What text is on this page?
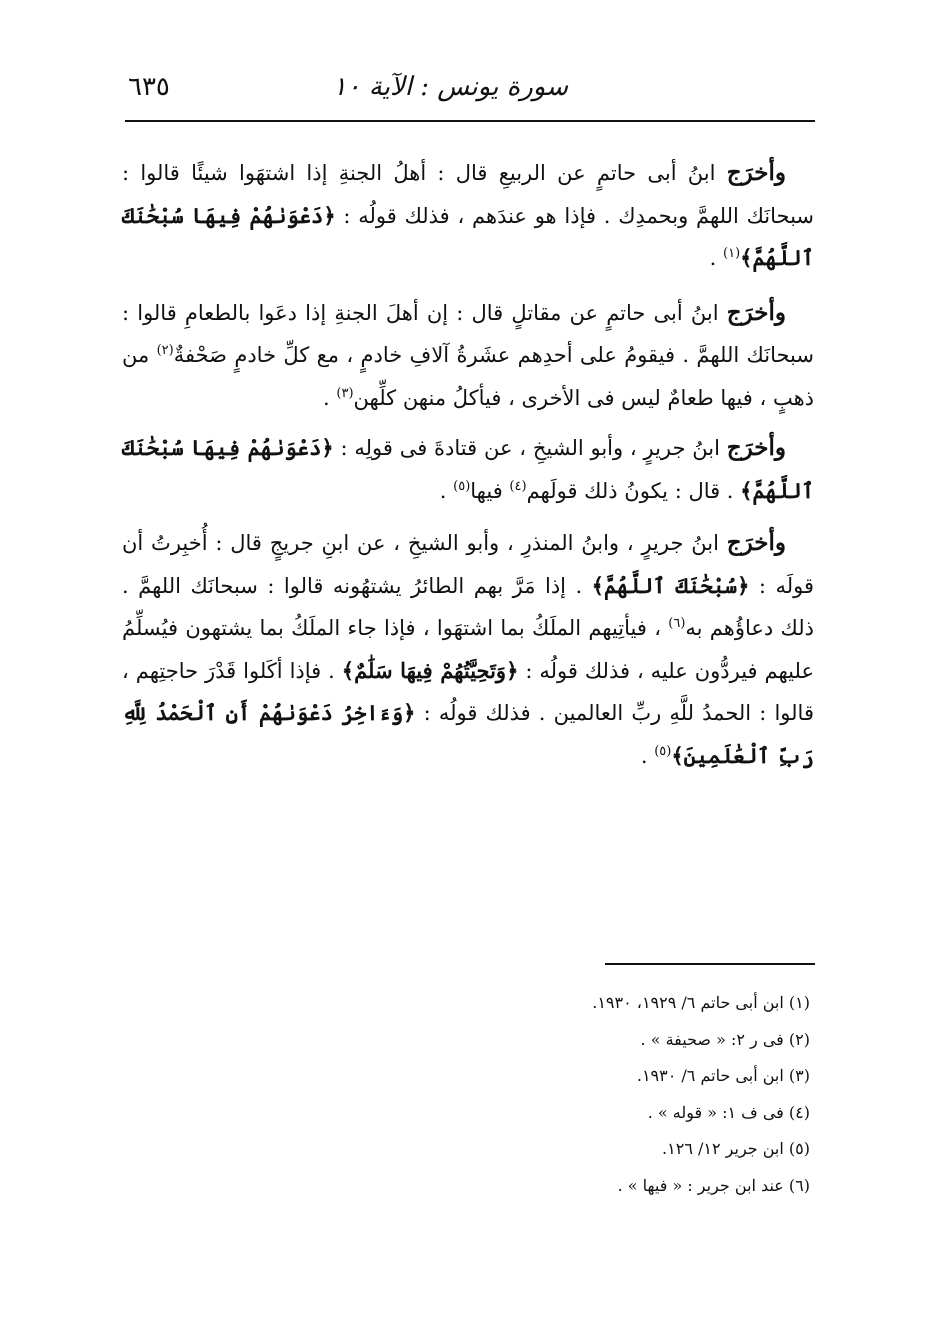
سورة يونس : الآية ١٠
٦٣٥

وأخرَج ابنُ أبى حاتمٍ عن الربيعِ قال : أهلُ الجنةِ إذا اشتهَوا شيئًا قالوا : سبحانَك اللهمَّ وبحمدِك . فإذا هو عندَهم ، فذلك قولُه : ﴿دَعْوَىٰهُمْ فِيهَا سُبْحَٰنَكَ ٱللَّهُمَّ﴾$^{(١)}$ .

وأخرَج ابنُ أبى حاتمٍ عن مقاتلٍ قال : إن أهلَ الجنةِ إذا دعَوا بالطعامِ قالوا : سبحانَك اللهمَّ . فيقومُ على أحدِهم عشَرةُ آلافِ خادمٍ ، مع كلِّ خادمٍ صَحْفةٌ$^{(٢)}$ من ذهبٍ ، فيها طعامٌ ليس فى الأخرى ، فيأكلُ منهن كلِّهن$^{(٣)}$ .

وأخرَج ابنُ جريرٍ ، وأبو الشيخِ ، عن قتادةَ فى قولِه : ﴿دَعْوَىٰهُمْ فِيهَا سُبْحَٰنَكَ ٱللَّهُمَّ﴾ . قال : يكونُ ذلك قولَهم$^{(٤)}$ فيها$^{(٥)}$ .

وأخرَج ابنُ جريرٍ ، وابنُ المنذرِ ، وأبو الشيخِ ، عن ابنِ جريجٍ قال : أُخبِرتُ أن قولَه : ﴿سُبْحَٰنَكَ ٱللَّهُمَّ﴾ . إذا مَرَّ بهم الطائرُ يشتهُونه قالوا : سبحانَك اللهمَّ . ذلك دعاؤُهم به$^{(٦)}$ ، فيأتِيهم الملَكُ بما اشتهَوا ، فإذا جاء الملَكُ بما يشتهون فيُسلِّمُ عليهم فيردُّون عليه ، فذلك قولُه : ﴿وَتَحِيَّتُهُمْ فِيهَا سَلَٰمٌ﴾ . فإذا أكَلوا قَدْرَ حاجتِهم ، قالوا : الحمدُ للَّهِ ربِّ العالمين . فذلك قولُه : ﴿وَءَاخِرُ دَعْوَىٰهُمْ أَنِ ٱلْحَمْدُ لِلَّهِ رَبِّ ٱلْعَٰلَمِينَ﴾$^{(٥)}$ .

(١) ابن أبى حاتم ٦/ ١٩٢٩، ١٩٣٠.
(٢) فى ر ٢: « صحيفة » .
(٣) ابن أبى حاتم ٦/ ١٩٣٠.
(٤) فى ف ١: « قوله » .
(٥) ابن جرير ١٢/ ١٢٦.
(٦) عند ابن جرير : « فيها » .
